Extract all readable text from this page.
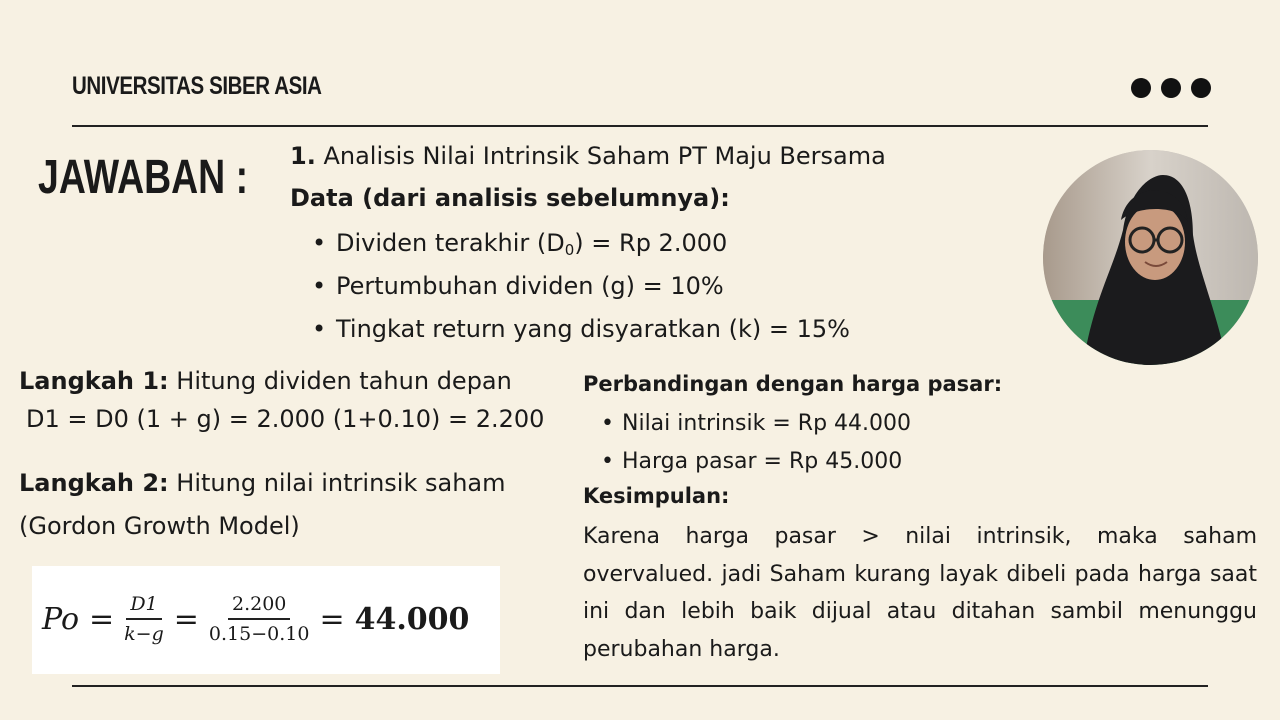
UNIVERSITAS SIBER ASIA
JAWABAN : 1. Analisis Nilai Intrinsik Saham PT Maju Bersama
Data (dari analisis sebelumnya):
• Dividen terakhir $(D_0) = Rp$ 2.000
• Pertumbuhan dividen (g) = 10%
• Tingkat return yang disyaratkan (k) = 15%
Langkah 1: Hitung dividen tahun depan
D1 = D0 (1 + g) = 2.000 (1+0.10) = 2.200
Langkah 2: Hitung nilai intrinsik saham
(Gordon Growth Model)
$Po = \frac{D1}{k-g} = \frac{2.200}{0.15-0.10} = 44.000$
Perbandingan dengan harga pasar:
• Nilai intrinsik = Rp 44.000
• Harga pasar = Rp 45.000
Kesimpulan:

Karena harga pasar > nilai intrinsik, maka saham overvalued. jadi Saham kurang layak dibeli pada harga saat ini dan lebih baik dijual atau ditahan sambil menunggu perubahan harga.
